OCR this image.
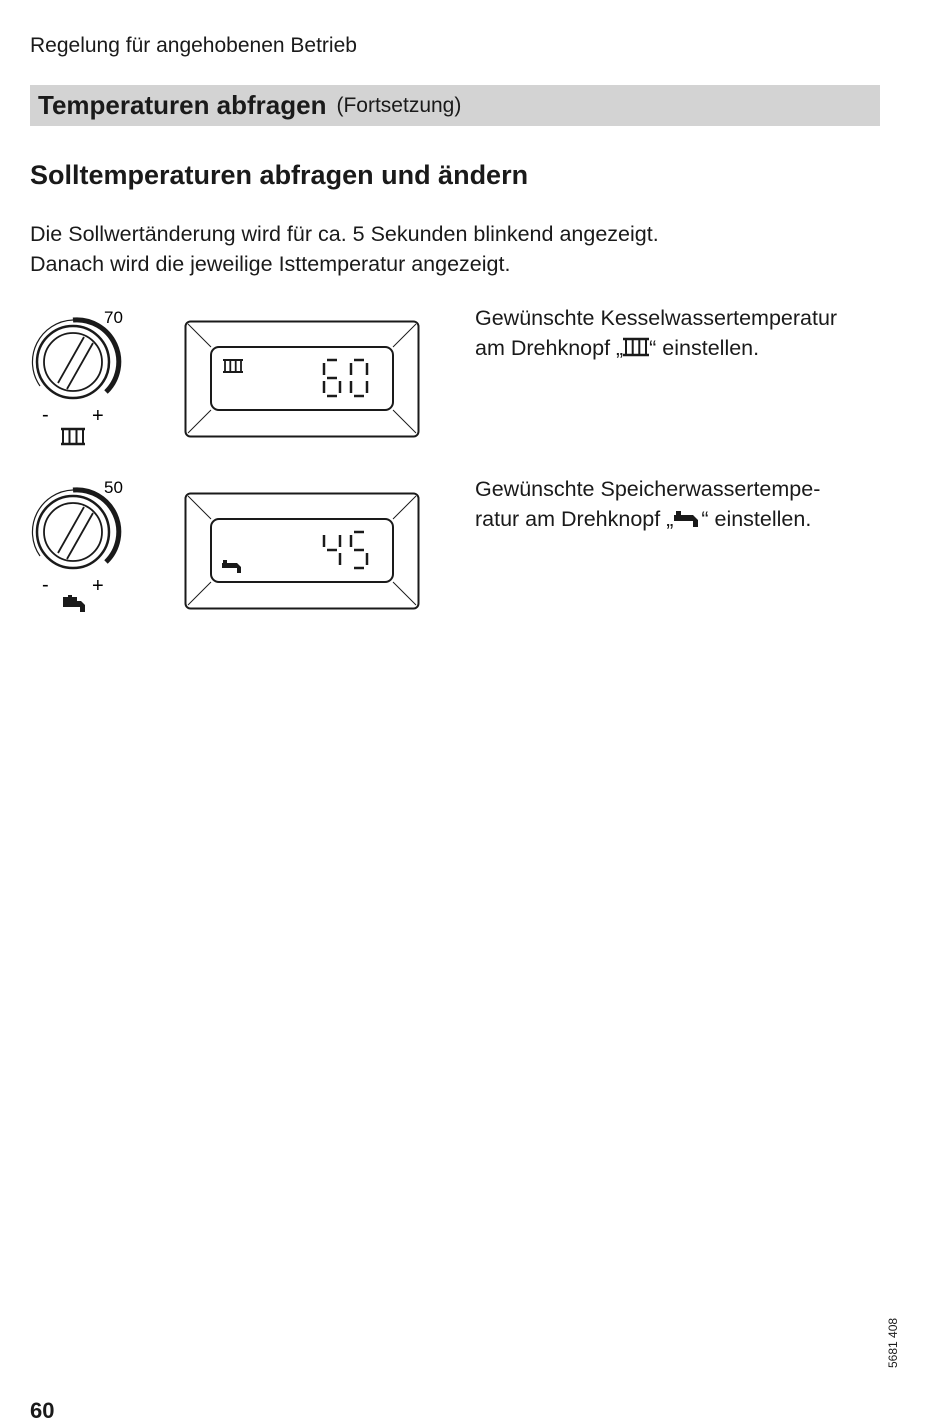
Regelung für angehobenen Betrieb
Temperaturen abfragen (Fortsetzung)
Solltemperaturen abfragen und ändern
Die Sollwertänderung wird für ca. 5 Sekunden blinkend angezeigt.
Danach wird die jeweilige Isttemperatur angezeigt.
70
- +
Gewünschte Kesselwassertemperatur
am Drehknopf „ “ einstellen.
50
- +
Gewünschte Speicherwassertempe-
ratur am Drehknopf „ “ einstellen.
60
5681 408
